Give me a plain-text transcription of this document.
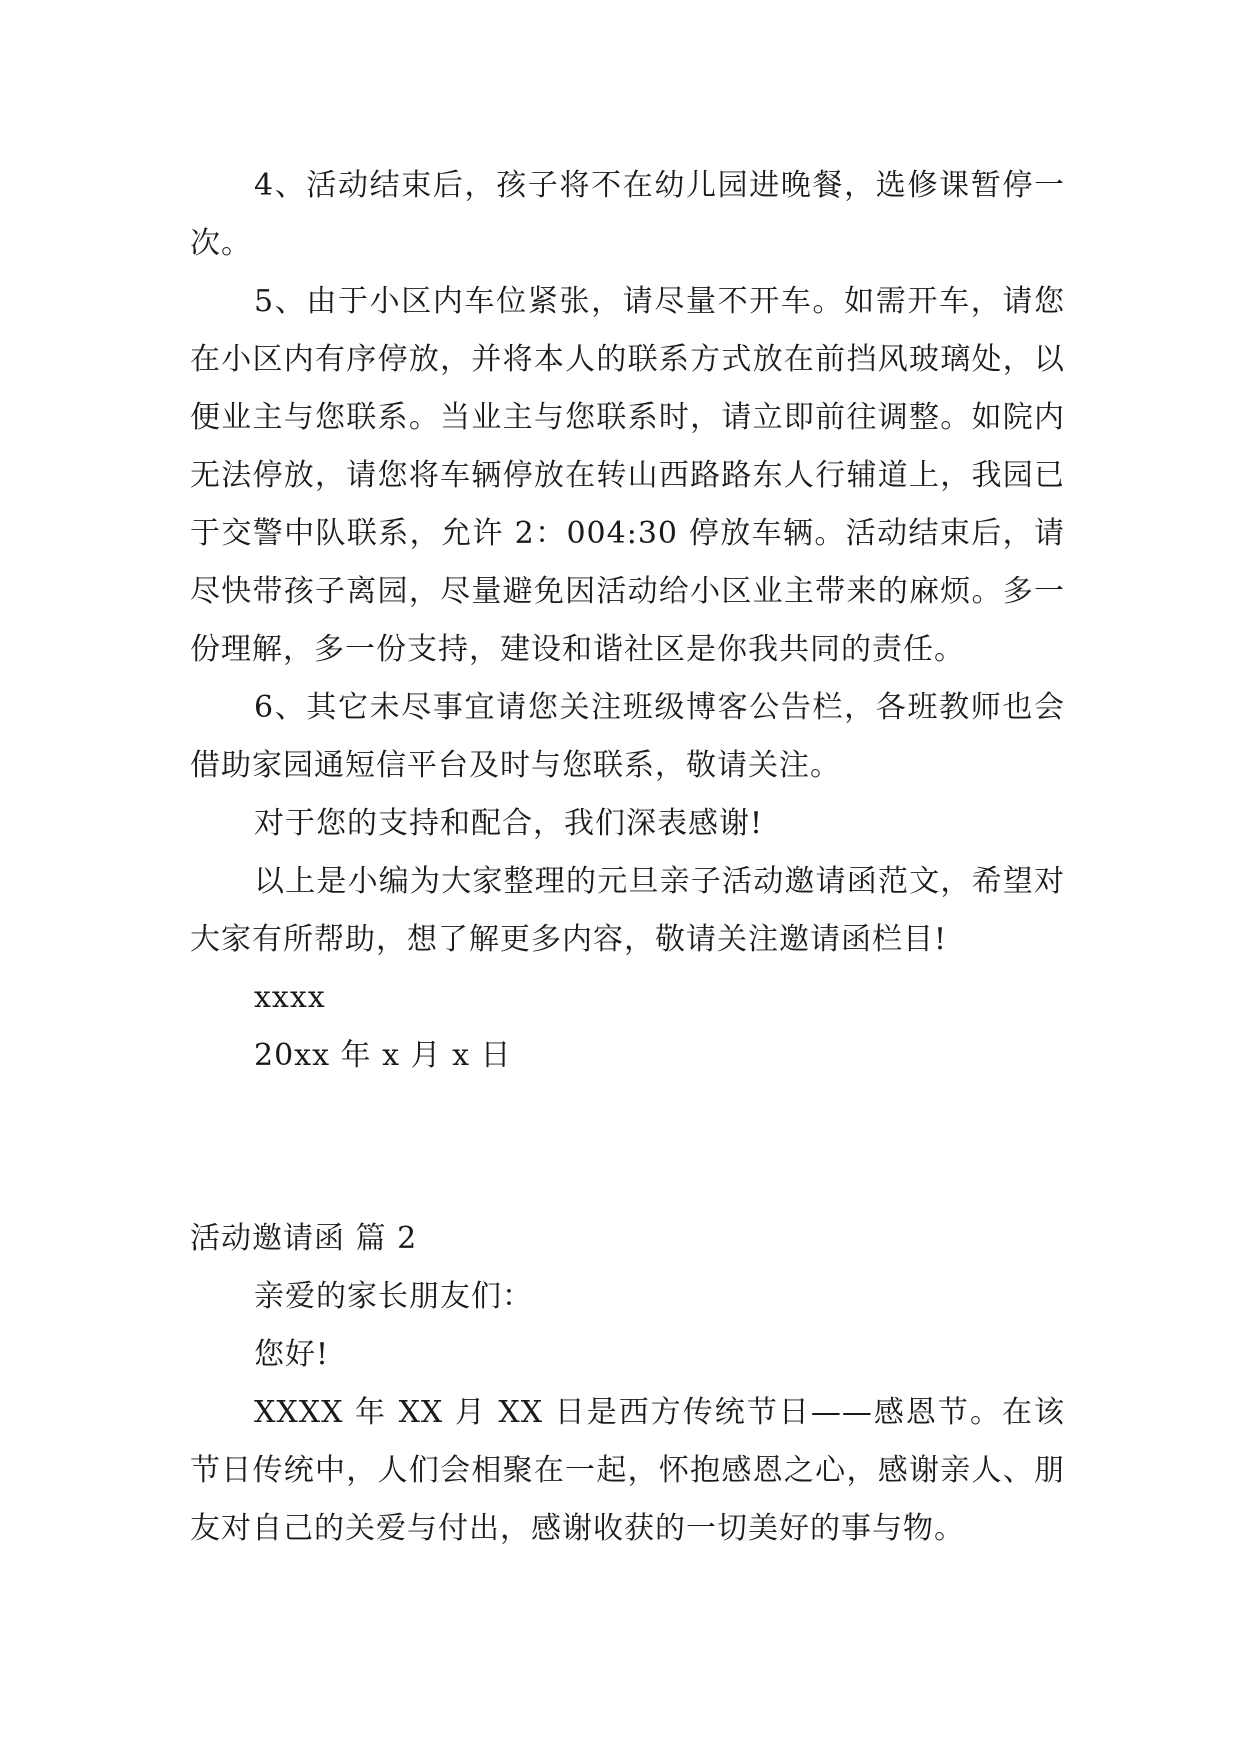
4、活动结束后，孩子将不在幼儿园进晚餐，选修课暂停一次。

5、由于小区内车位紧张，请尽量不开车。如需开车，请您在小区内有序停放，并将本人的联系方式放在前挡风玻璃处，以便业主与您联系。当业主与您联系时，请立即前往调整。如院内无法停放，请您将车辆停放在转山西路路东人行辅道上，我园已于交警中队联系，允许 2：004:30 停放车辆。活动结束后，请尽快带孩子离园，尽量避免因活动给小区业主带来的麻烦。多一份理解，多一份支持，建设和谐社区是你我共同的责任。

6、其它未尽事宜请您关注班级博客公告栏，各班教师也会借助家园通短信平台及时与您联系，敬请关注。

对于您的支持和配合，我们深表感谢!

以上是小编为大家整理的元旦亲子活动邀请函范文，希望对大家有所帮助，想了解更多内容，敬请关注邀请函栏目!

xxxx

20xx 年 x 月 x 日

活动邀请函 篇 2

亲爱的家长朋友们：

您好!

XXXX 年 XX 月 XX 日是西方传统节日——感恩节。在该节日传统中，人们会相聚在一起，怀抱感恩之心，感谢亲人、朋友对自己的关爱与付出，感谢收获的一切美好的事与物。
